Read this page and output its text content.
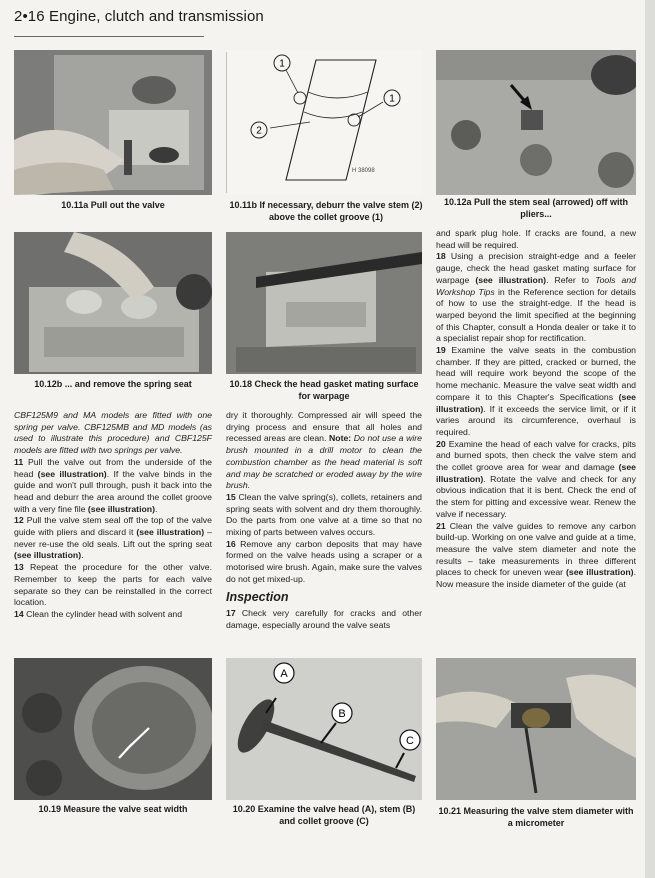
2•16 Engine, clutch and transmission
10.11a Pull out the valve
1
1
2
H 38098
10.11b If necessary, deburr the valve stem (2) above the collet groove (1)
10.12a Pull the stem seal (arrowed) off with pliers...
10.12b ... and remove the spring seat	10.18 Check the head gasket mating surface for warpage

CBF125M9 and MA models are fitted with one spring per valve. CBF125MB and MD models (as used to illustrate this procedure) and CBF125F models are fitted with two springs per valve.

11 Pull the valve out from the underside of the head (see illustration). If the valve binds in the guide and won't pull through, push it back into the head and deburr the area around the collet groove with a very fine file (see illustration).

12 Pull the valve stem seal off the top of the valve guide with pliers and discard it (see illustration) – never re-use the old seals. Lift out the spring seat (see illustration).

13 Repeat the procedure for the other valve. Remember to keep the parts for each valve separate so they can be reinstalled in the correct location.

14 Clean the cylinder head with solvent and

dry it thoroughly. Compressed air will speed the drying process and ensure that all holes and recessed areas are clean. Note: Do not use a wire brush mounted in a drill motor to clean the combustion chamber as the head material is soft and may be scratched or eroded away by the wire brush.

15 Clean the valve spring(s), collets, retainers and spring seats with solvent and dry them thoroughly. Do the parts from one valve at a time so that no mixing of parts between valves occurs.

16 Remove any carbon deposits that may have formed on the valve heads using a scraper or a motorised wire brush. Again, make sure the valves do not get mixed-up.

Inspection

17 Check very carefully for cracks and other damage, especially around the valve seats

and spark plug hole. If cracks are found, a new head will be required.

18 Using a precision straight-edge and a feeler gauge, check the head gasket mating surface for warpage (see illustration). Refer to Tools and Workshop Tips in the Reference section for details of how to use the straight-edge. If the head is warped beyond the limit specified at the beginning of this Chapter, consult a Honda dealer or take it to a specialist repair shop for rectification.

19 Examine the valve seats in the combustion chamber. If they are pitted, cracked or burned, the head will require work beyond the scope of the home mechanic. Measure the valve seat width and compare it to this Chapter's Specifications (see illustration). If it exceeds the service limit, or if it varies around its circumference, overhaul is required.

20 Examine the head of each valve for cracks, pits and burned spots, then check the valve stem and the collet groove area for wear and damage (see illustration). Rotate the valve and check for any obvious indication that it is bent. Check the end of the stem for pitting and excessive wear. Renew the valve if necessary.

21 Clean the valve guides to remove any carbon build-up. Working on one valve and guide at a time, measure the valve stem diameter and note the results – take measurements in three different places to check for uneven wear (see illustration). Now measure the inside diameter of the guide (at

10.19 Measure the valve seat width
A
B
C
10.20 Examine the valve head (A), stem (B) and collet groove (C)
10.21 Measuring the valve stem diameter with a micrometer
